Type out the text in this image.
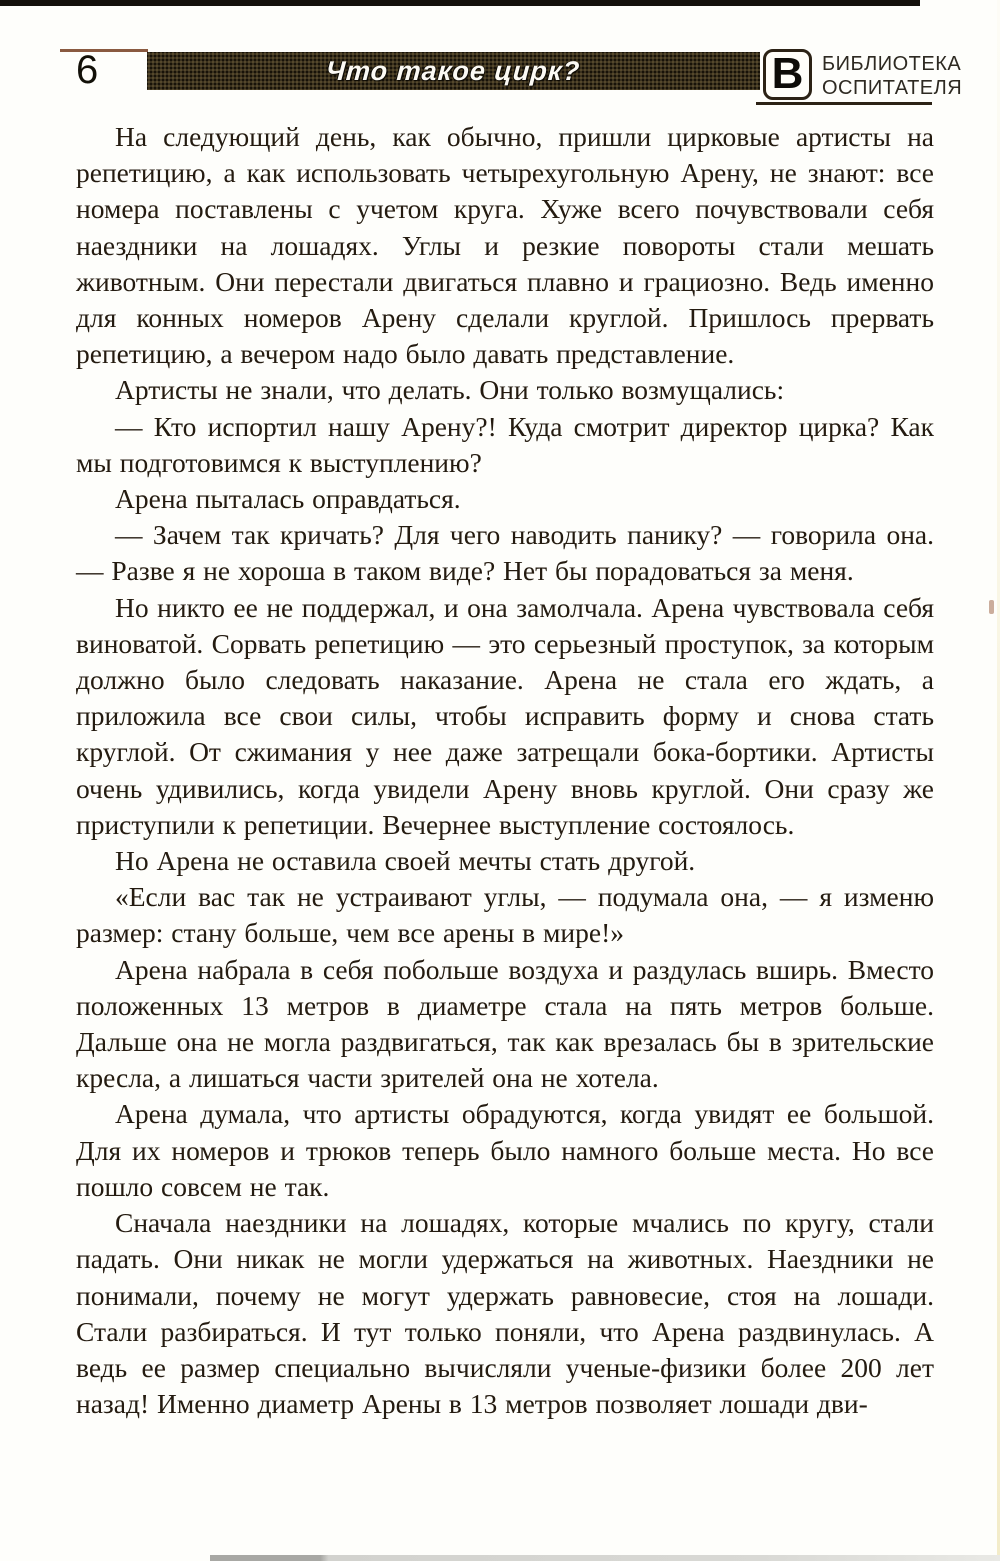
6	Что такое цирк?	В БИБЛИОТЕКА
ОСПИТАТЕЛЯ

На следующий день, как обычно, пришли цирковые артисты на репетицию, а как использовать четырехугольную Арену, не знают: все номера поставлены с учетом круга. Хуже всего почувствовали себя наездники на лошадях. Углы и резкие повороты стали мешать животным. Они перестали двигаться плавно и грациозно. Ведь именно для конных номеров Арену сделали круглой. Пришлось прервать репетицию, а вечером надо было давать представление.

Артисты не знали, что делать. Они только возмущались:

— Кто испортил нашу Арену?! Куда смотрит директор цирка? Как мы подготовимся к выступлению?

Арена пыталась оправдаться.

— Зачем так кричать? Для чего наводить панику? — говорила она. — Разве я не хороша в таком виде? Нет бы порадоваться за меня.

Но никто ее не поддержал, и она замолчала. Арена чувствовала себя виноватой. Сорвать репетицию — это серьезный проступок, за которым должно было следовать наказание. Арена не стала его ждать, а приложила все свои силы, чтобы исправить форму и снова стать круглой. От сжимания у нее даже затрещали бока-бортики. Артисты очень удивились, когда увидели Арену вновь круглой. Они сразу же приступили к репетиции. Вечернее выступление состоялось.

Но Арена не оставила своей мечты стать другой.

«Если вас так не устраивают углы, — подумала она, — я изменю размер: стану больше, чем все арены в мире!»

Арена набрала в себя побольше воздуха и раздулась вширь. Вместо положенных 13 метров в диаметре стала на пять метров больше. Дальше она не могла раздвигаться, так как врезалась бы в зрительские кресла, а лишаться части зрителей она не хотела.

Арена думала, что артисты обрадуются, когда увидят ее большой. Для их номеров и трюков теперь было намного больше места. Но все пошло совсем не так.

Сначала наездники на лошадях, которые мчались по кругу, стали падать. Они никак не могли удержаться на животных. Наездники не понимали, почему не могут удержать равновесие, стоя на лошади. Стали разбираться. И тут только поняли, что Арена раздвинулась. А ведь ее размер специально вычисляли ученые-физики более 200 лет назад! Именно диаметр Арены в 13 метров позволяет лошади дви-
